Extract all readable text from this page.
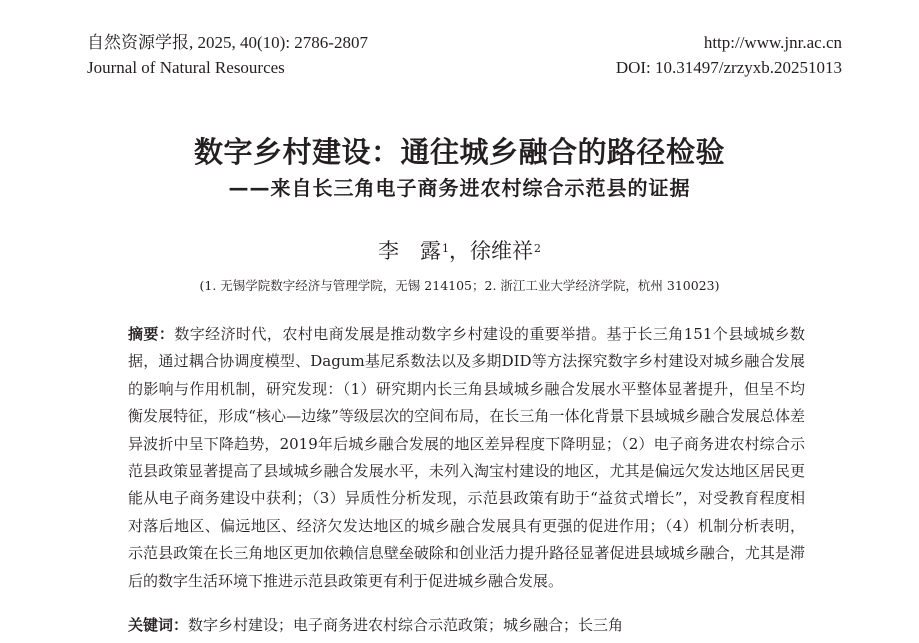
自然资源学报, 2025, 40(10): 2786-2807	http://www.jnr.ac.cn
Journal of Natural Resources	DOI: 10.31497/zrzyxb.20251013
数字乡村建设：通往城乡融合的路径检验
——来自长三角电子商务进农村综合示范县的证据
李　露$^1$，徐维祥$^2$
(1. 无锡学院数字经济与管理学院，无锡 214105；2. 浙江工业大学经济学院，杭州 310023)
摘要：数字经济时代，农村电商发展是推动数字乡村建设的重要举措。基于长三角151个县域城乡数据，通过耦合协调度模型、Dagum基尼系数法以及多期DID等方法探究数字乡村建设对城乡融合发展的影响与作用机制，研究发现：（1）研究期内长三角县域城乡融合发展水平整体显著提升，但呈不均衡发展特征，形成“核心—边缘”等级层次的空间布局，在长三角一体化背景下县域城乡融合发展总体差异波折中呈下降趋势，2019年后城乡融合发展的地区差异程度下降明显；（2）电子商务进农村综合示范县政策显著提高了县域城乡融合发展水平，未列入淘宝村建设的地区，尤其是偏远欠发达地区居民更能从电子商务建设中获利；（3）异质性分析发现，示范县政策有助于“益贫式增长”，对受教育程度相对落后地区、偏远地区、经济欠发达地区的城乡融合发展具有更强的促进作用；（4）机制分析表明，示范县政策在长三角地区更加依赖信息壁垒破除和创业活力提升路径显著促进县域城乡融合，尤其是滞后的数字生活环境下推进示范县政策更有利于促进城乡融合发展。
关键词：数字乡村建设；电子商务进农村综合示范政策；城乡融合；长三角
